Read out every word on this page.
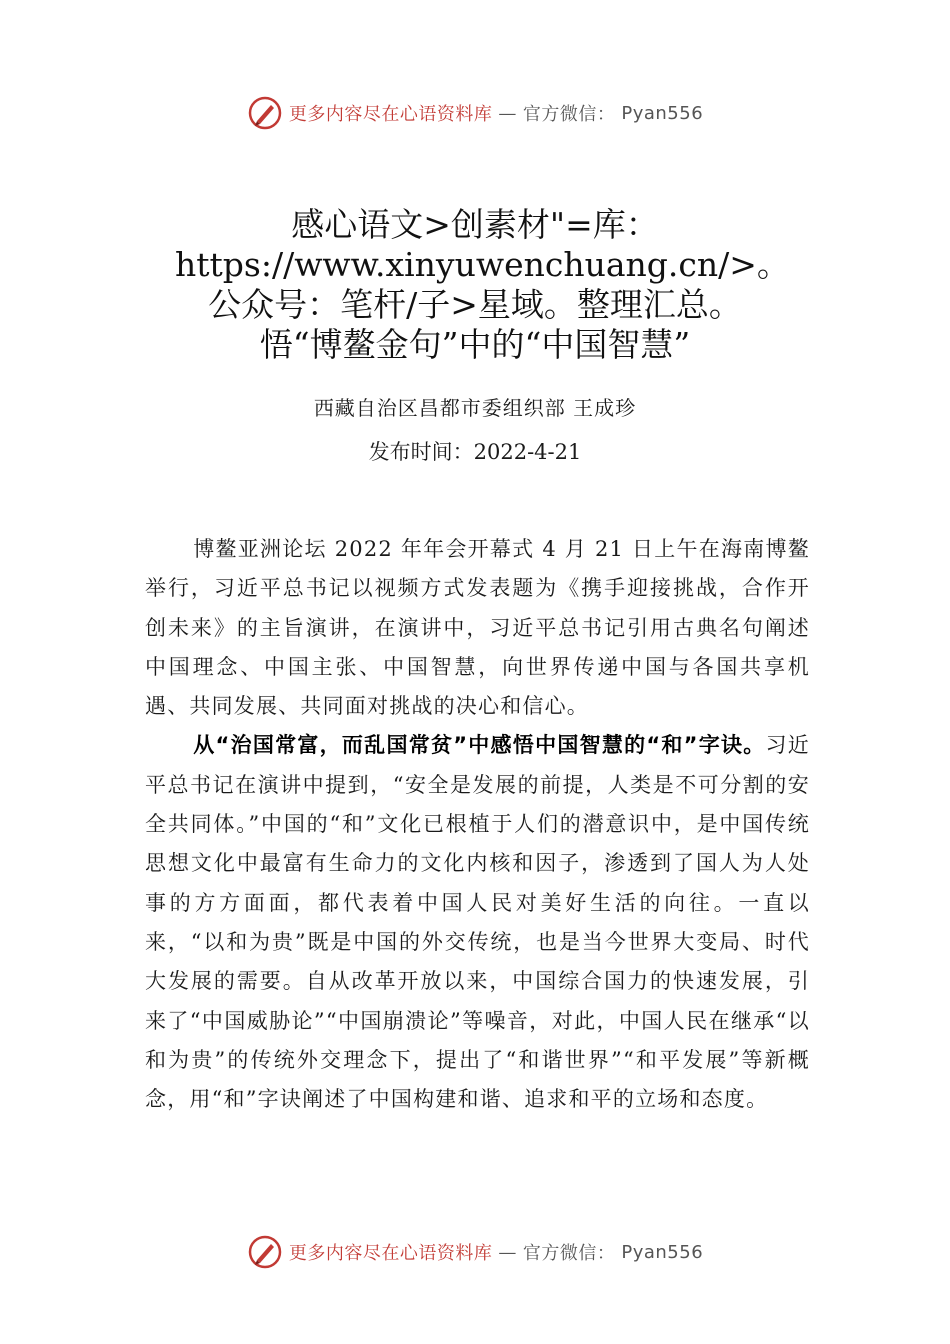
更多内容尽在心语资料库 — 官方微信： Pyan556
感心语文>创素材"=库：https://www.xinyuwenchuang.cn/>。公众号：笔杆/子>星域。整理汇总。悟“博鳌金句”中的“中国智慧”
西藏自治区昌都市委组织部 王成珍
发布时间：2022-4-21

博鳌亚洲论坛 2022 年年会开幕式 4 月 21 日上午在海南博鳌举行，习近平总书记以视频方式发表题为《携手迎接挑战，合作开创未来》的主旨演讲，在演讲中，习近平总书记引用古典名句阐述中国理念、中国主张、中国智慧，向世界传递中国与各国共享机遇、共同发展、共同面对挑战的决心和信心。

从“治国常富，而乱国常贫”中感悟中国智慧的“和”字诀。习近平总书记在演讲中提到，“安全是发展的前提，人类是不可分割的安全共同体。”中国的“和”文化已根植于人们的潜意识中，是中国传统思想文化中最富有生命力的文化内核和因子，渗透到了国人为人处事的方方面面，都代表着中国人民对美好生活的向往。一直以来，“以和为贵”既是中国的外交传统，也是当今世界大变局、时代大发展的需要。自从改革开放以来，中国综合国力的快速发展，引来了“中国威胁论”“中国崩溃论”等噪音，对此，中国人民在继承“以和为贵”的传统外交理念下，提出了“和谐世界”“和平发展”等新概念，用“和”字诀阐述了中国构建和谐、追求和平的立场和态度。

更多内容尽在心语资料库 — 官方微信： Pyan556
